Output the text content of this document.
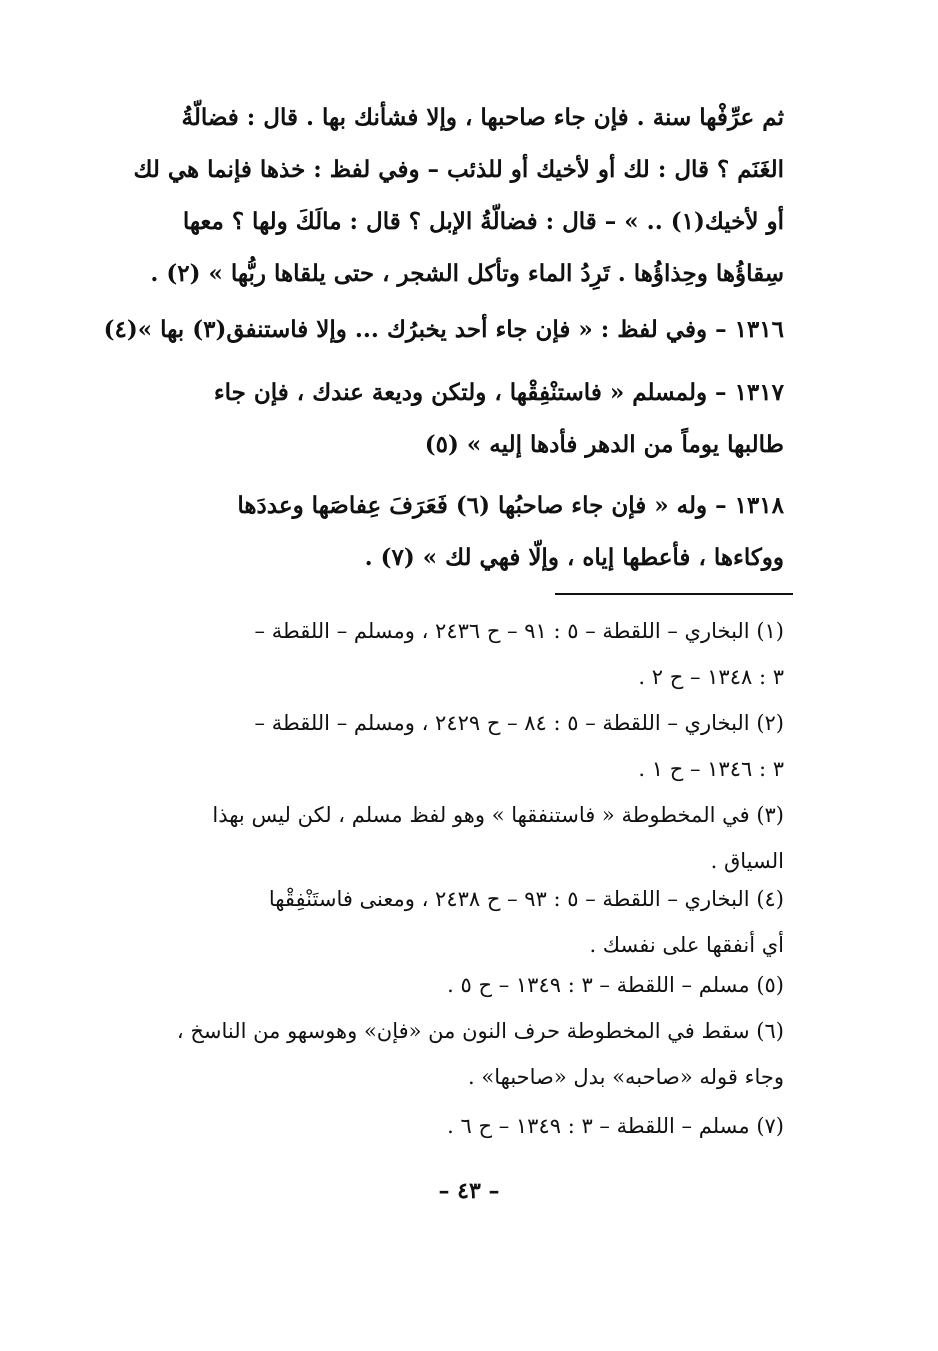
ثم عرِّفْها سنة . فإن جاء صاحبها ، وإلا فشأنك بها . قال : فضالّةُ
الغَنَم ؟ قال : لك أو لأخيك أو للذئب – وفي لفظ : خذها فإنما هي لك
أو لأخيك(١) .. » – قال : فضالّةُ الإبل ؟ قال : مالَكَ ولها ؟ معها
سِقاؤُها وحِذاؤُها . تَرِدُ الماء وتأكل الشجر ، حتى يلقاها ربُّها » (٢) .
١٣١٦ – وفي لفظ : « فإن جاء أحد يخبرُك ... وإلا فاستنفق(٣) بها »(٤)
١٣١٧ – ولمسلم « فاستنْفِقْها ، ولتكن وديعة عندك ، فإن جاء
طالبها يوماً من الدهر فأدها إليه » (٥)
١٣١٨ – وله « فإن جاء صاحبُها (٦) فَعَرَفَ عِفاصَها وعددَها
ووكاءها ، فأعطها إياه ، وإلّا فهي لك » (٧) .
(١) البخاري – اللقطة – ٥ : ٩١ – ح ٢٤٣٦ ، ومسلم – اللقطة –
٣ : ١٣٤٨ – ح ٢ .
(٢) البخاري – اللقطة – ٥ : ٨٤ – ح ٢٤٢٩ ، ومسلم – اللقطة –
٣ : ١٣٤٦ – ح ١ .
(٣) في المخطوطة « فاستنفقها » وهو لفظ مسلم ، لكن ليس بهذا
السياق .
(٤) البخاري – اللقطة – ٥ : ٩٣ – ح ٢٤٣٨ ، ومعنى فاستَنْفِقْها
أي أنفقها على نفسك .
(٥) مسلم – اللقطة – ٣ : ١٣٤٩ – ح ٥ .
(٦) سقط في المخطوطة حرف النون من «فإن» وهوسهو من الناسخ ،
وجاء قوله «صاحبه» بدل «صاحبها» .
(٧) مسلم – اللقطة – ٣ : ١٣٤٩ – ح ٦ .
– ٤٣ –
